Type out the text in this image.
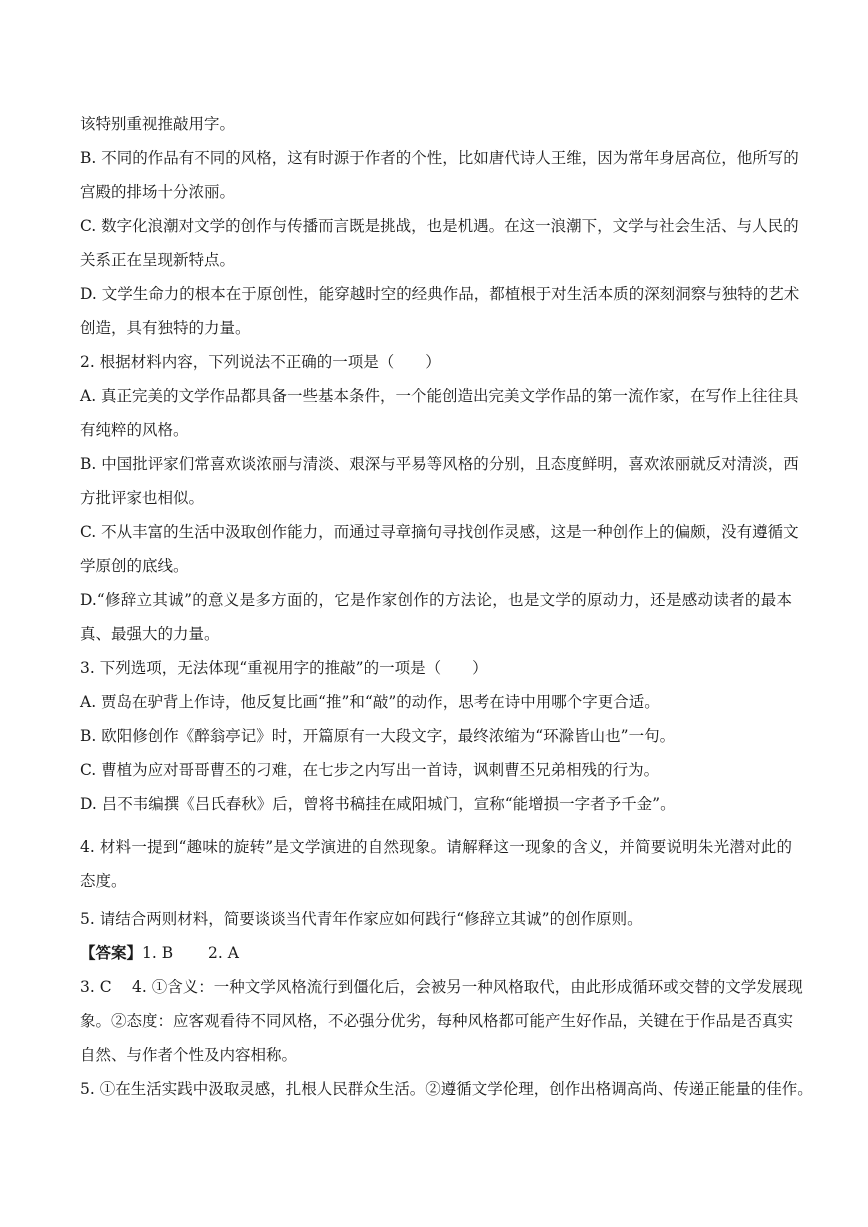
该特别重视推敲用字。
B. 不同的作品有不同的风格，这有时源于作者的个性，比如唐代诗人王维，因为常年身居高位，他所写的
宫殿的排场十分浓丽。
C. 数字化浪潮对文学的创作与传播而言既是挑战，也是机遇。在这一浪潮下，文学与社会生活、与人民的
关系正在呈现新特点。
D. 文学生命力的根本在于原创性，能穿越时空的经典作品，都植根于对生活本质的深刻洞察与独特的艺术
创造，具有独特的力量。
2. 根据材料内容，下列说法不正确的一项是（　　）
A. 真正完美的文学作品都具备一些基本条件，一个能创造出完美文学作品的第一流作家，在写作上往往具
有纯粹的风格。
B. 中国批评家们常喜欢谈浓丽与清淡、艰深与平易等风格的分别，且态度鲜明，喜欢浓丽就反对清淡，西
方批评家也相似。
C. 不从丰富的生活中汲取创作能力，而通过寻章摘句寻找创作灵感，这是一种创作上的偏颇，没有遵循文
学原创的底线。
D.“修辞立其诚”的意义是多方面的，它是作家创作的方法论，也是文学的原动力，还是感动读者的最本
真、最强大的力量。
3. 下列选项，无法体现“重视用字的推敲”的一项是（　　）
A. 贾岛在驴背上作诗，他反复比画“推”和“敲”的动作，思考在诗中用哪个字更合适。
B. 欧阳修创作《醉翁亭记》时，开篇原有一大段文字，最终浓缩为“环滁皆山也”一句。
C. 曹植为应对哥哥曹丕的刁难，在七步之内写出一首诗，讽刺曹丕兄弟相残的行为。
D. 吕不韦编撰《吕氏春秋》后，曾将书稿挂在咸阳城门，宣称“能增损一字者予千金”。
4. 材料一提到“趣味的旋转”是文学演进的自然现象。请解释这一现象的含义，并简要说明朱光潜对此的
态度。
5. 请结合两则材料，简要谈谈当代青年作家应如何践行“修辞立其诚”的创作原则。
【答案】1. B 2. A
3. C 4. ①含义：一种文学风格流行到僵化后，会被另一种风格取代，由此形成循环或交替的文学发展现
象。②态度：应客观看待不同风格，不必强分优劣，每种风格都可能产生好作品，关键在于作品是否真实
自然、与作者个性及内容相称。
5. ①在生活实践中汲取灵感，扎根人民群众生活。②遵循文学伦理，创作出格调高尚、传递正能量的佳作。
